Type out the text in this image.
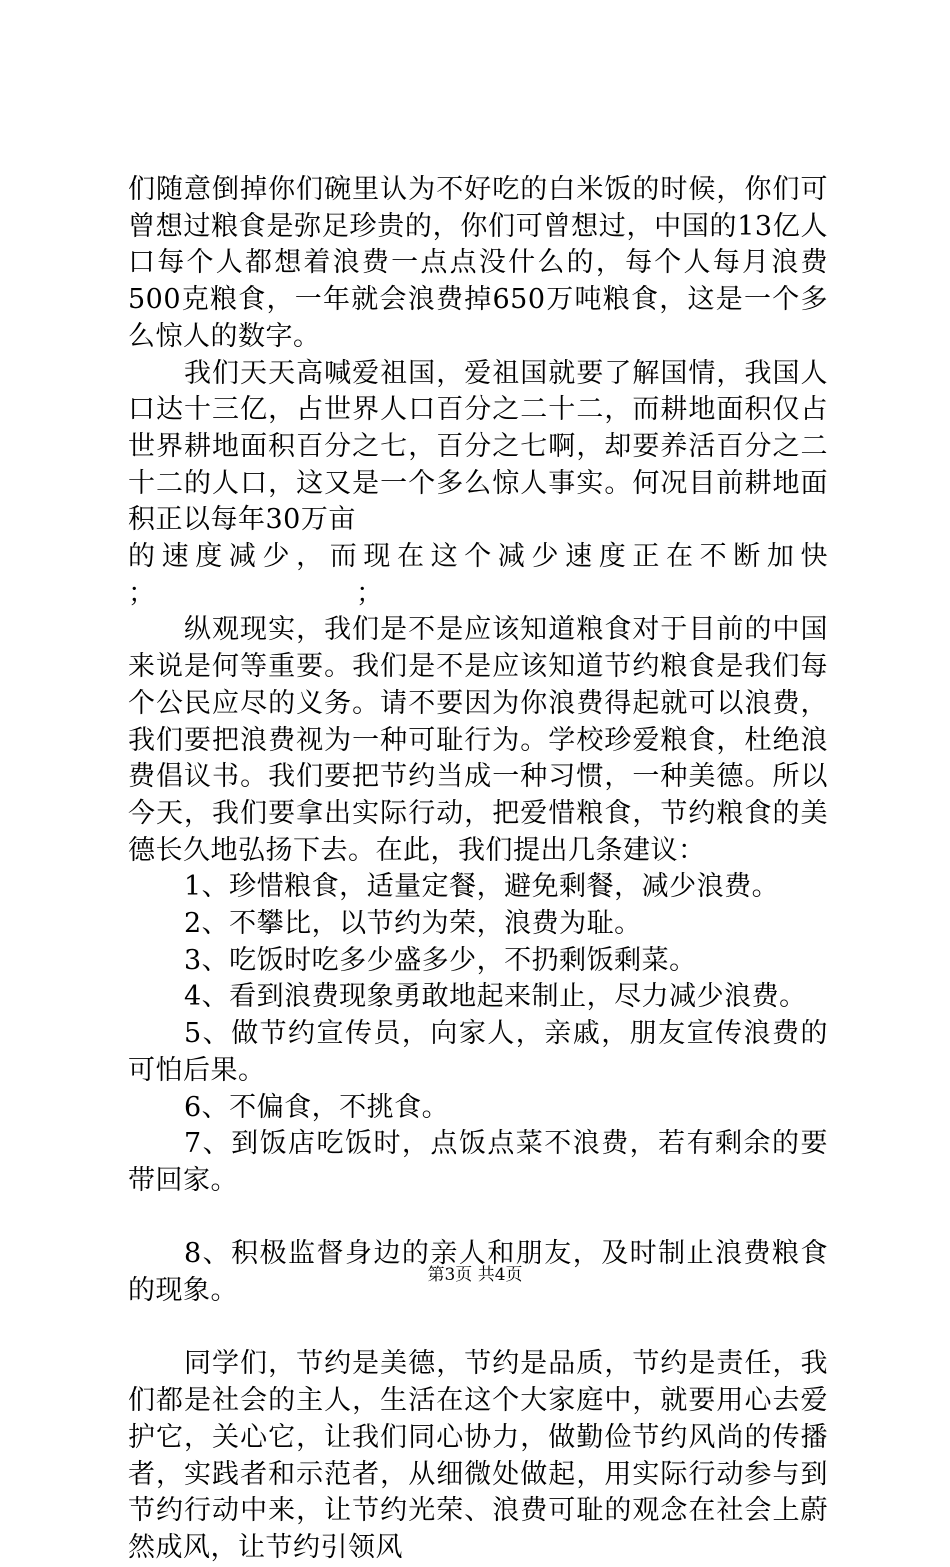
们随意倒掉你们碗里认为不好吃的白米饭的时候，你们可曾想过粮食是弥足珍贵的，你们可曾想过，中国的13亿人口每个人都想着浪费一点点没什么的，每个人每月浪费500克粮食，一年就会浪费掉650万吨粮食，这是一个多么惊人的数字。

我们天天高喊爱祖国，爱祖国就要了解国情，我国人口达十三亿，占世界人口百分之二十二，而耕地面积仅占世界耕地面积百分之七，百分之七啊，却要养活百分之二十二的人口，这又是一个多么惊人事实。何况目前耕地面积正以每年30万亩

的速度减少，而现在这个减少速度正在不断加快

；	；

纵观现实，我们是不是应该知道粮食对于目前的中国来说是何等重要。我们是不是应该知道节约粮食是我们每个公民应尽的义务。请不要因为你浪费得起就可以浪费，我们要把浪费视为一种可耻行为。学校珍爱粮食，杜绝浪费倡议书。我们要把节约当成一种习惯，一种美德。所以今天，我们要拿出实际行动，把爱惜粮食，节约粮食的美德长久地弘扬下去。在此，我们提出几条建议：

1、珍惜粮食，适量定餐，避免剩餐，减少浪费。

2、不攀比，以节约为荣，浪费为耻。

3、吃饭时吃多少盛多少，不扔剩饭剩菜。

4、看到浪费现象勇敢地起来制止，尽力减少浪费。

5、做节约宣传员，向家人，亲戚，朋友宣传浪费的可怕后果。

6、不偏食，不挑食。

7、到饭店吃饭时，点饭点菜不浪费，若有剩余的要带回家。

8、积极监督身边的亲人和朋友，及时制止浪费粮食的现象。

同学们，节约是美德，节约是品质，节约是责任，我们都是社会的主人，生活在这个大家庭中，就要用心去爱护它，关心它，让我们同心协力，做勤俭节约风尚的传播者，实践者和示范者，从细微处做起，用实际行动参与到节约行动中来，让节约光荣、浪费可耻的观念在社会上蔚然成风，让节约引领风

第3页 共4页
